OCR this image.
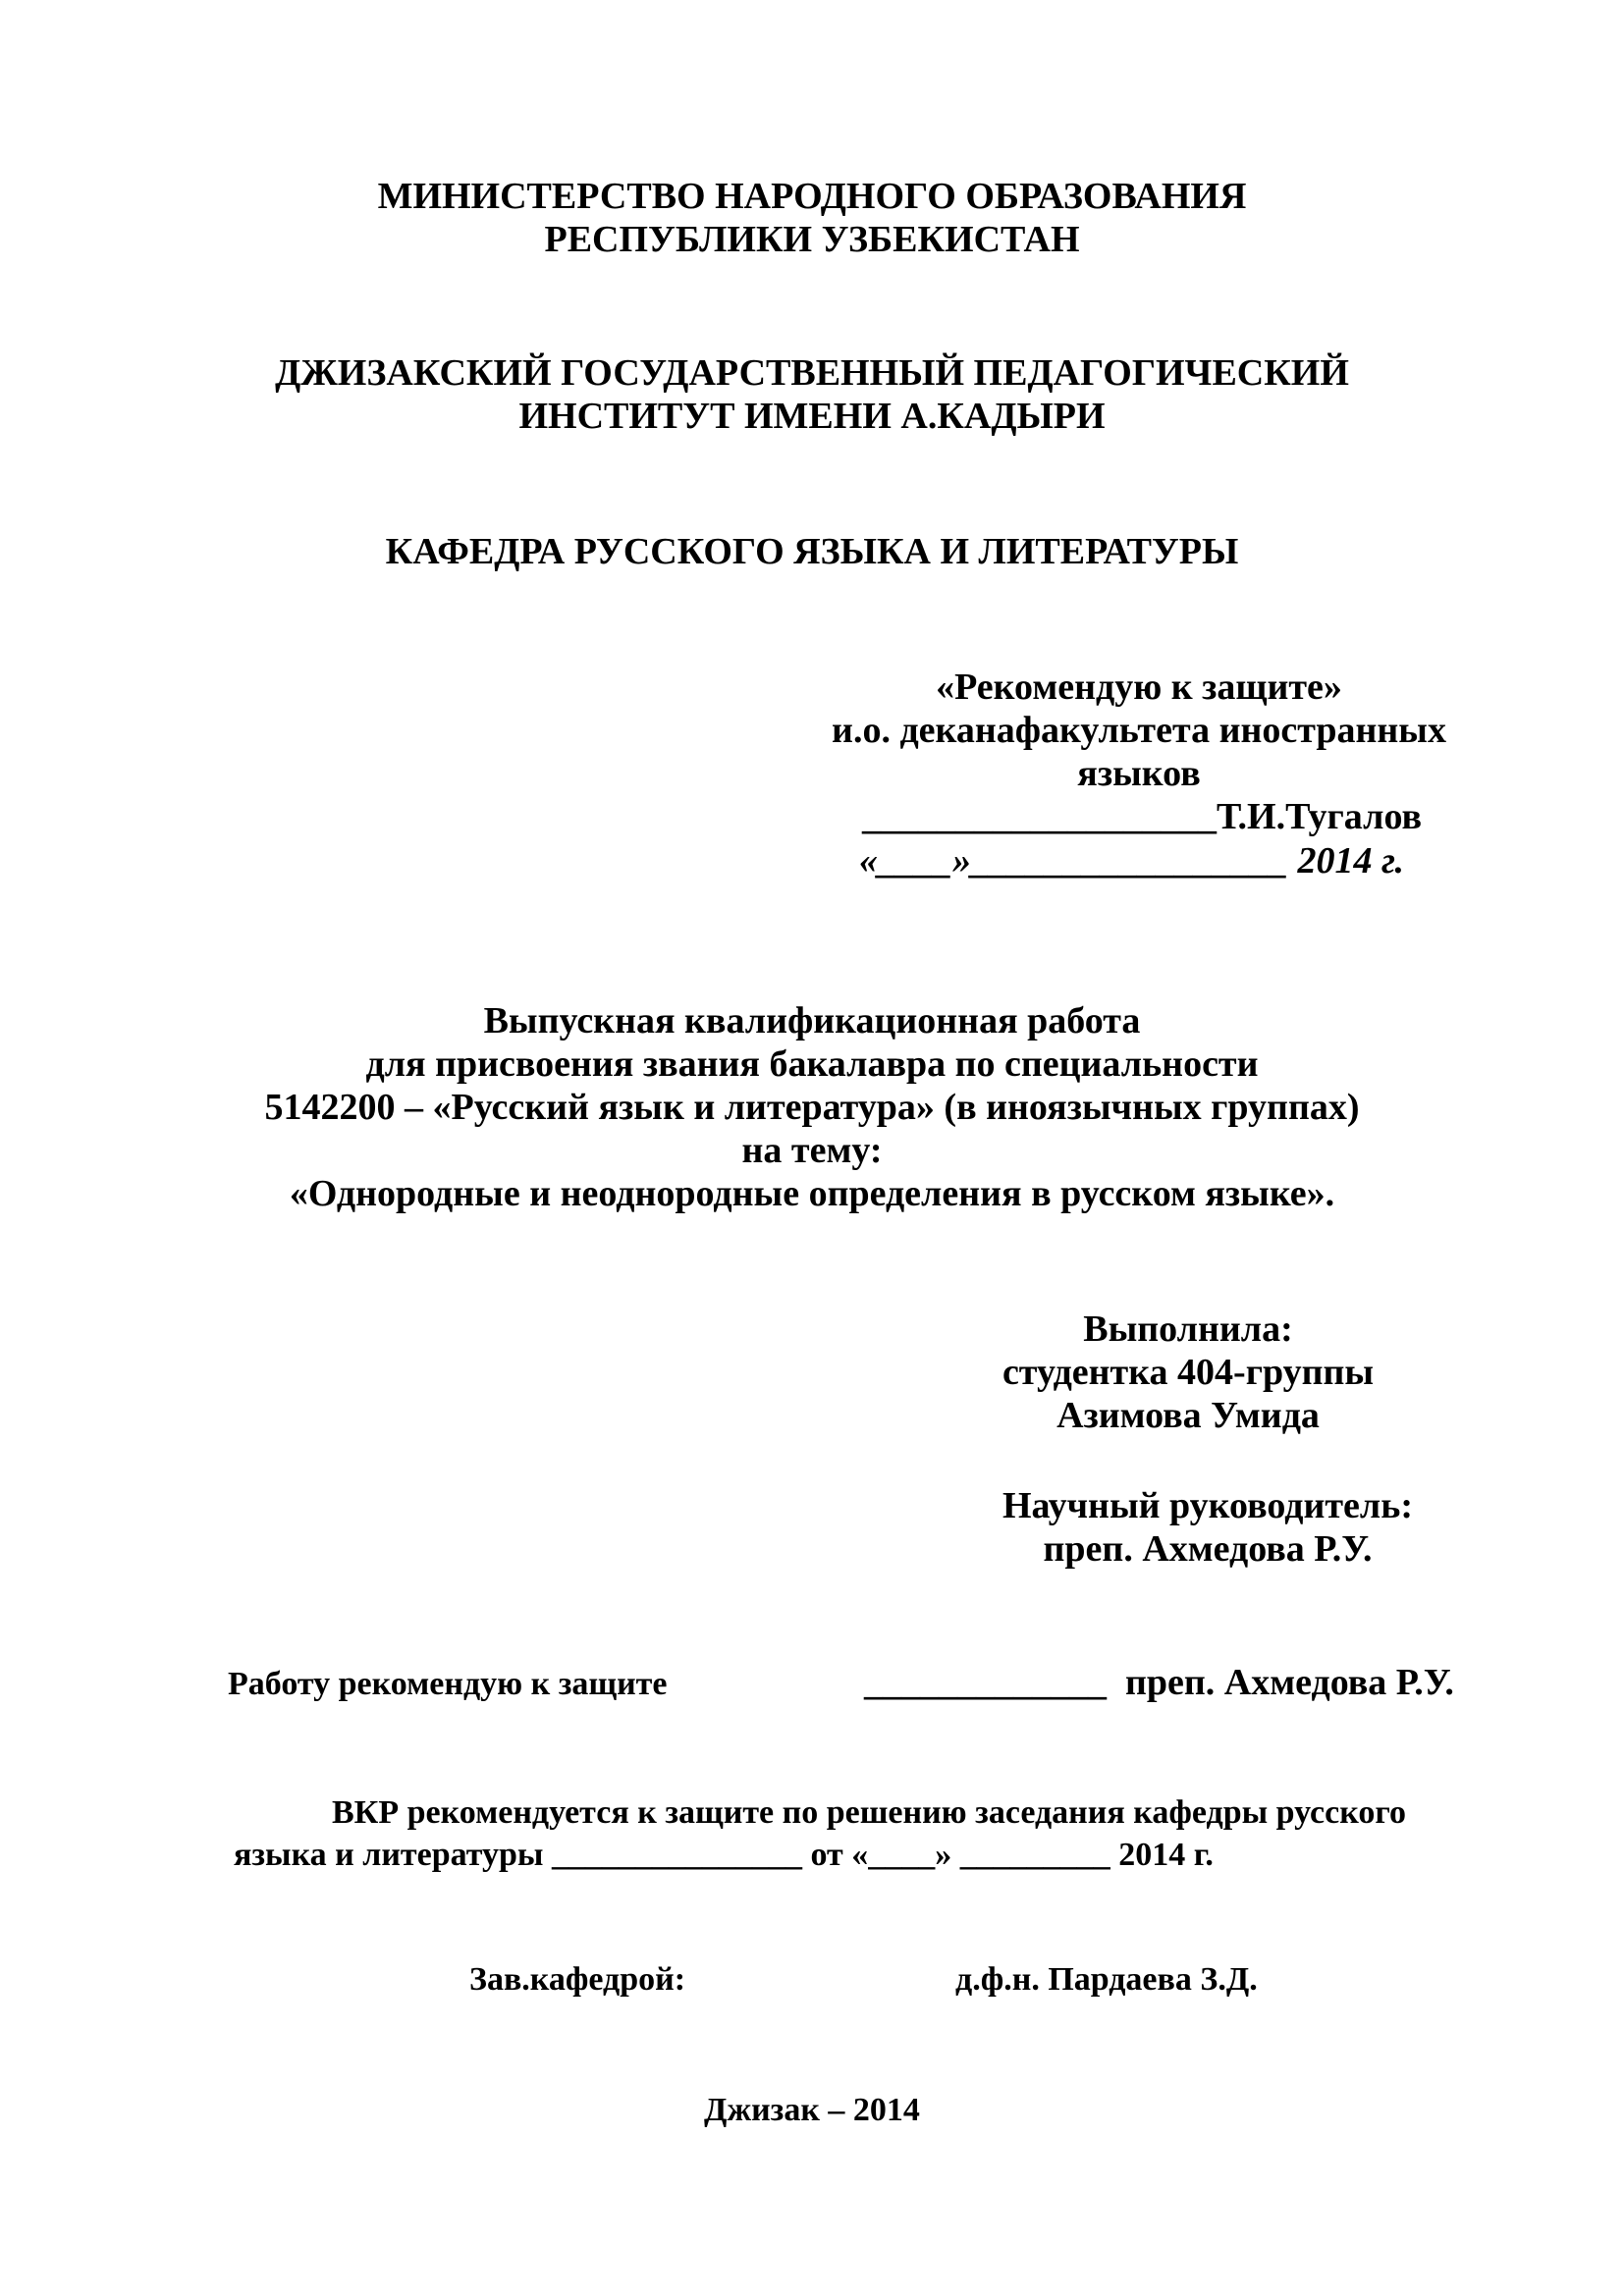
МИНИСТЕРСТВО НАРОДНОГО ОБРАЗОВАНИЯ
РЕСПУБЛИКИ УЗБЕКИСТАН
ДЖИЗАКСКИЙ ГОСУДАРСТВЕННЫЙ ПЕДАГОГИЧЕСКИЙ
ИНСТИТУТ ИМЕНИ А.КАДЫРИ
КАФЕДРА РУССКОГО ЯЗЫКА И ЛИТЕРАТУРЫ
«Рекомендую к защите»
и.о. деканафакультета иностранных
языков
___________________Т.И.Тугалов
«____»_________________ 2014 г.
Выпускная квалификационная работа
для присвоения звания бакалавра по специальности
5142200 – «Русский язык и литература» (в иноязычных группах)
на тему:
«Однородные и неоднородные определения в русском языке».
Выполнила:
студентка 404-группы
Азимова Умида
Научный руководитель:
преп. Ахмедова Р.У.
Работу рекомендую к защите	_____________ преп. Ахмедова Р.У.
ВКР рекомендуется к защите по решению заседания кафедры русского
языка и литературы _______________ от «____» _________ 2014 г.
Зав.кафедрой:	д.ф.н. Пардаева З.Д.
Джизак – 2014
